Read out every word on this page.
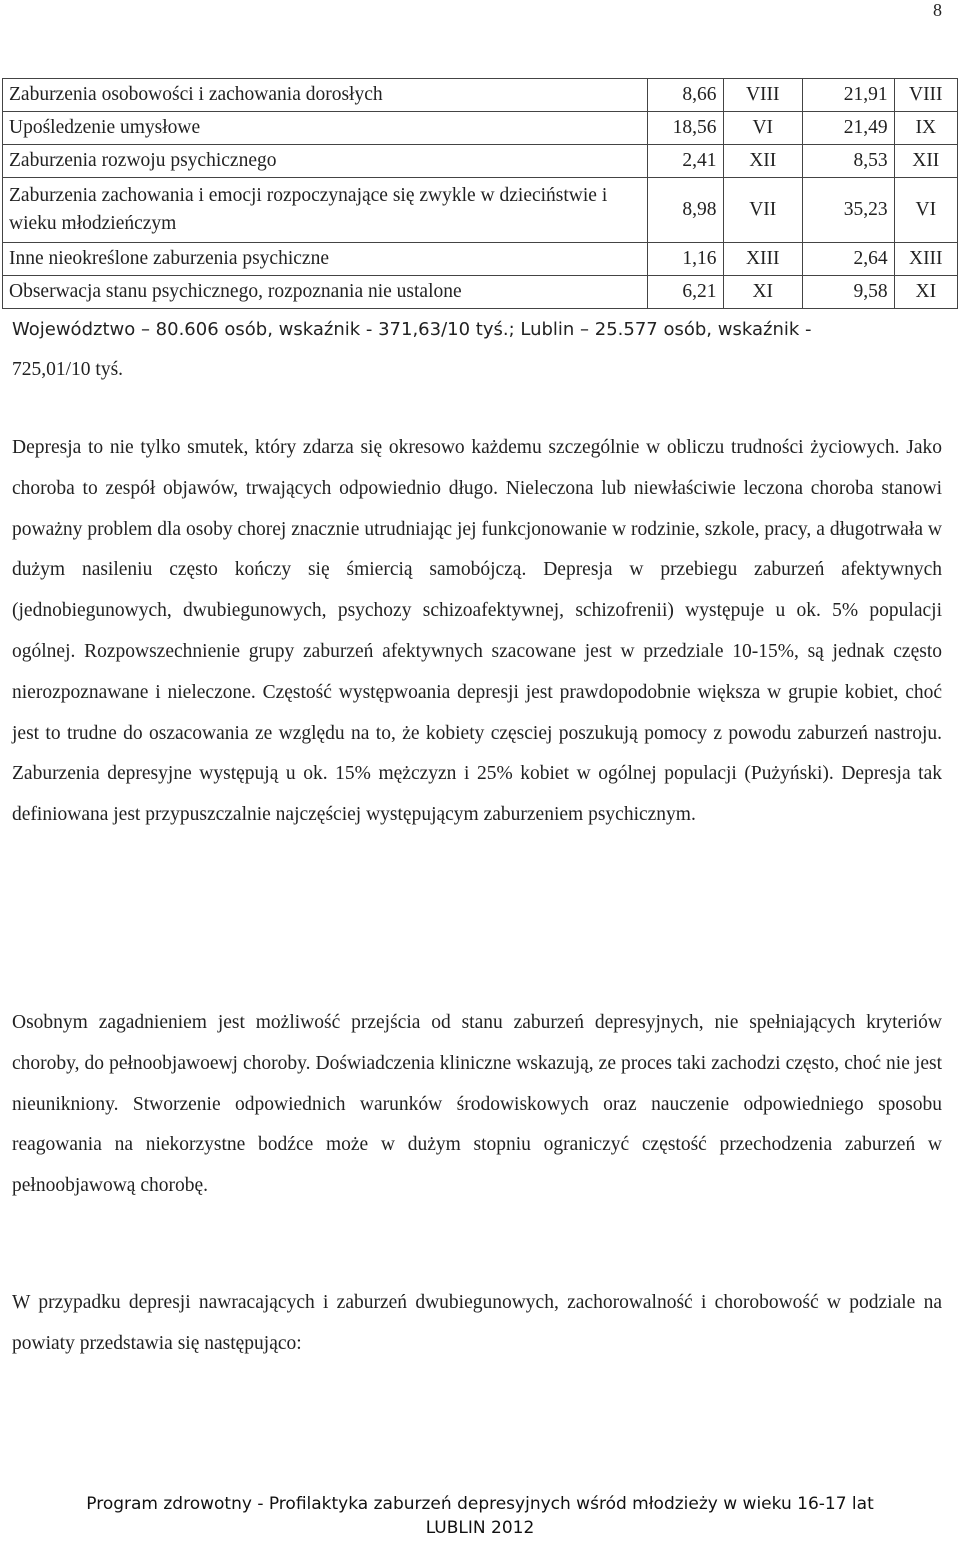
8
Zaburzenia osobowości i zachowania dorosłych	8,66	VIII	21,91	VIII
Upośledzenie umysłowe	18,56	VI	21,49	IX
Zaburzenia rozwoju psychicznego	2,41	XII	8,53	XII
Zaburzenia zachowania i emocji rozpoczynające się zwykle w dzieciństwie i wieku młodzieńczym	8,98	VII	35,23	VI
Inne nieokreślone zaburzenia psychiczne	1,16	XIII	2,64	XIII
Obserwacja stanu psychicznego, rozpoznania nie ustalone	6,21	XI	9,58	XI
Województwo – 80.606 osób, wskaźnik - 371,63/10 tyś.; Lublin – 25.577 osób, wskaźnik -
725,01/10 tyś.

Depresja to nie tylko smutek, który zdarza się okresowo każdemu szczególnie w obliczu trudności życiowych. Jako choroba to zespół objawów, trwających odpowiednio długo. Nieleczona lub niewłaściwie leczona choroba stanowi poważny problem dla osoby chorej znacznie utrudniając jej funkcjonowanie w rodzinie, szkole, pracy, a długotrwała w dużym nasileniu często kończy się śmiercią samobójczą. Depresja w przebiegu zaburzeń afektywnych (jednobiegunowych, dwubiegunowych, psychozy schizoafektywnej, schizofrenii) występuje u ok. 5% populacji ogólnej. Rozpowszechnienie grupy zaburzeń afektywnych szacowane jest w przedziale 10-15%, są jednak często nierozpoznawane i nieleczone. Częstość występwoania depresji jest prawdopodobnie większa w grupie kobiet, choć jest to trudne do oszacowania ze względu na to, że kobiety częsciej poszukują pomocy z powodu zaburzeń nastroju. Zaburzenia depresyjne występują u ok. 15% mężczyzn i 25% kobiet w ogólnej populacji (Pużyński). Depresja tak definiowana jest przypuszczalnie najczęściej występującym zaburzeniem psychicznym.

Osobnym zagadnieniem jest możliwość przejścia od stanu zaburzeń depresyjnych, nie spełniających kryteriów choroby, do pełnoobjawoewj choroby. Doświadczenia kliniczne wskazują, ze proces taki zachodzi często, choć nie jest nieunikniony. Stworzenie odpowiednich warunków środowiskowych oraz nauczenie odpowiedniego sposobu reagowania na niekorzystne bodźce może w dużym stopniu ograniczyć częstość przechodzenia zaburzeń w pełnoobjawową chorobę.

W przypadku depresji nawracających i zaburzeń dwubiegunowych, zachorowalność i chorobowość w podziale na powiaty przedstawia się następująco:

Program zdrowotny - Profilaktyka zaburzeń depresyjnych wśród młodzieży w wieku 16-17 lat
LUBLIN 2012
